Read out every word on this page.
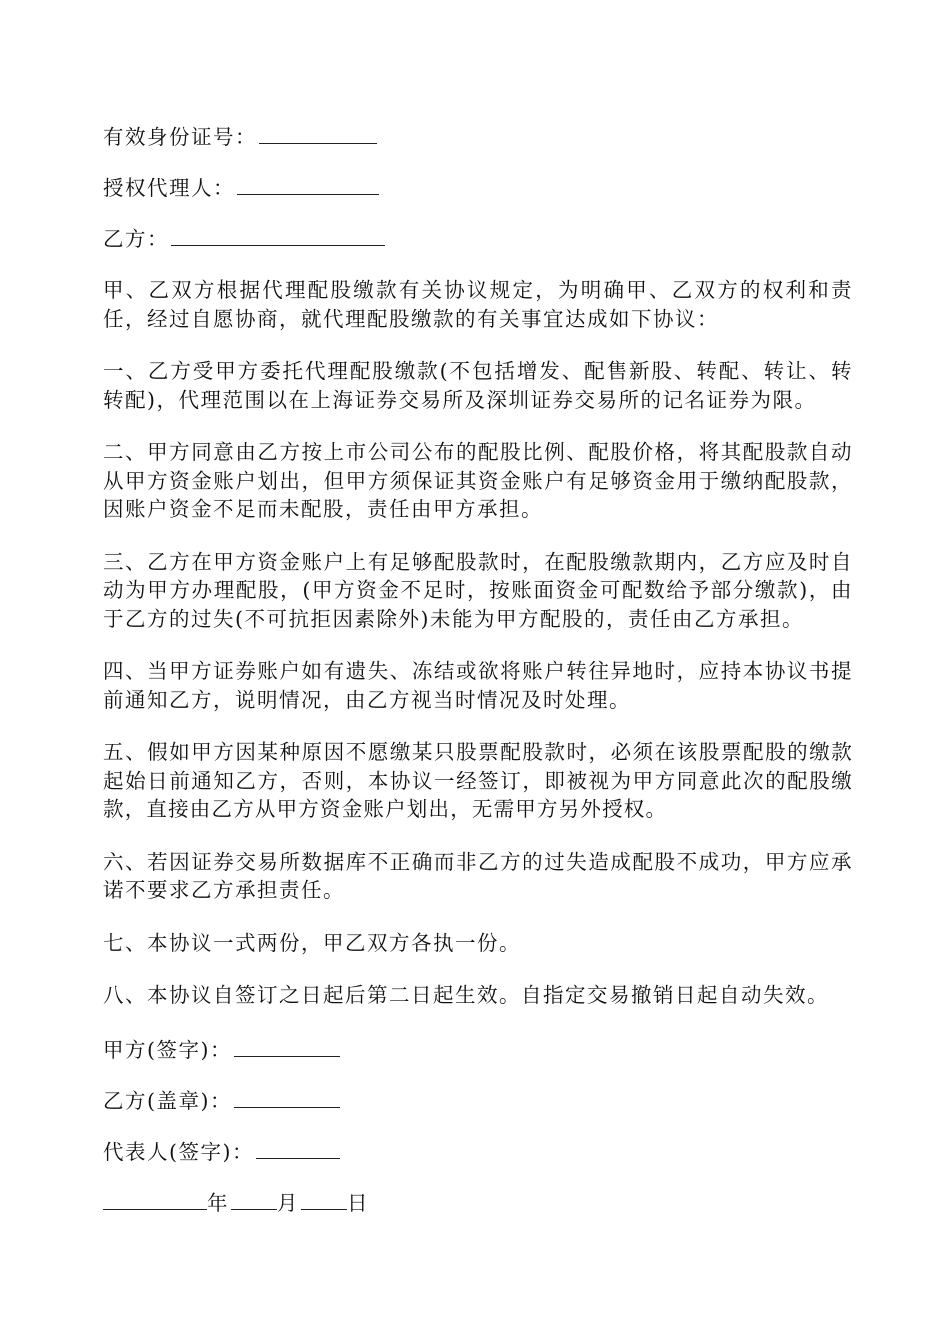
有效身份证号：
授权代理人：
乙方：

甲、乙双方根据代理配股缴款有关协议规定，为明确甲、乙双方的权利和责任，经过自愿协商，就代理配股缴款的有关事宜达成如下协议：

一、乙方受甲方委托代理配股缴款(不包括增发、配售新股、转配、转让、转转配)，代理范围以在上海证券交易所及深圳证券交易所的记名证券为限。

二、甲方同意由乙方按上市公司公布的配股比例、配股价格，将其配股款自动从甲方资金账户划出，但甲方须保证其资金账户有足够资金用于缴纳配股款，因账户资金不足而未配股，责任由甲方承担。

三、乙方在甲方资金账户上有足够配股款时，在配股缴款期内，乙方应及时自动为甲方办理配股，(甲方资金不足时，按账面资金可配数给予部分缴款)，由于乙方的过失(不可抗拒因素除外)未能为甲方配股的，责任由乙方承担。

四、当甲方证券账户如有遗失、冻结或欲将账户转往异地时，应持本协议书提前通知乙方，说明情况，由乙方视当时情况及时处理。

五、假如甲方因某种原因不愿缴某只股票配股款时，必须在该股票配股的缴款起始日前通知乙方，否则，本协议一经签订，即被视为甲方同意此次的配股缴款，直接由乙方从甲方资金账户划出，无需甲方另外授权。

六、若因证券交易所数据库不正确而非乙方的过失造成配股不成功，甲方应承诺不要求乙方承担责任。

七、本协议一式两份，甲乙双方各执一份。

八、本协议自签订之日起后第二日起生效。自指定交易撤销日起自动失效。

甲方(签字)：
乙方(盖章)：
代表人(签字)：
年 月 日
